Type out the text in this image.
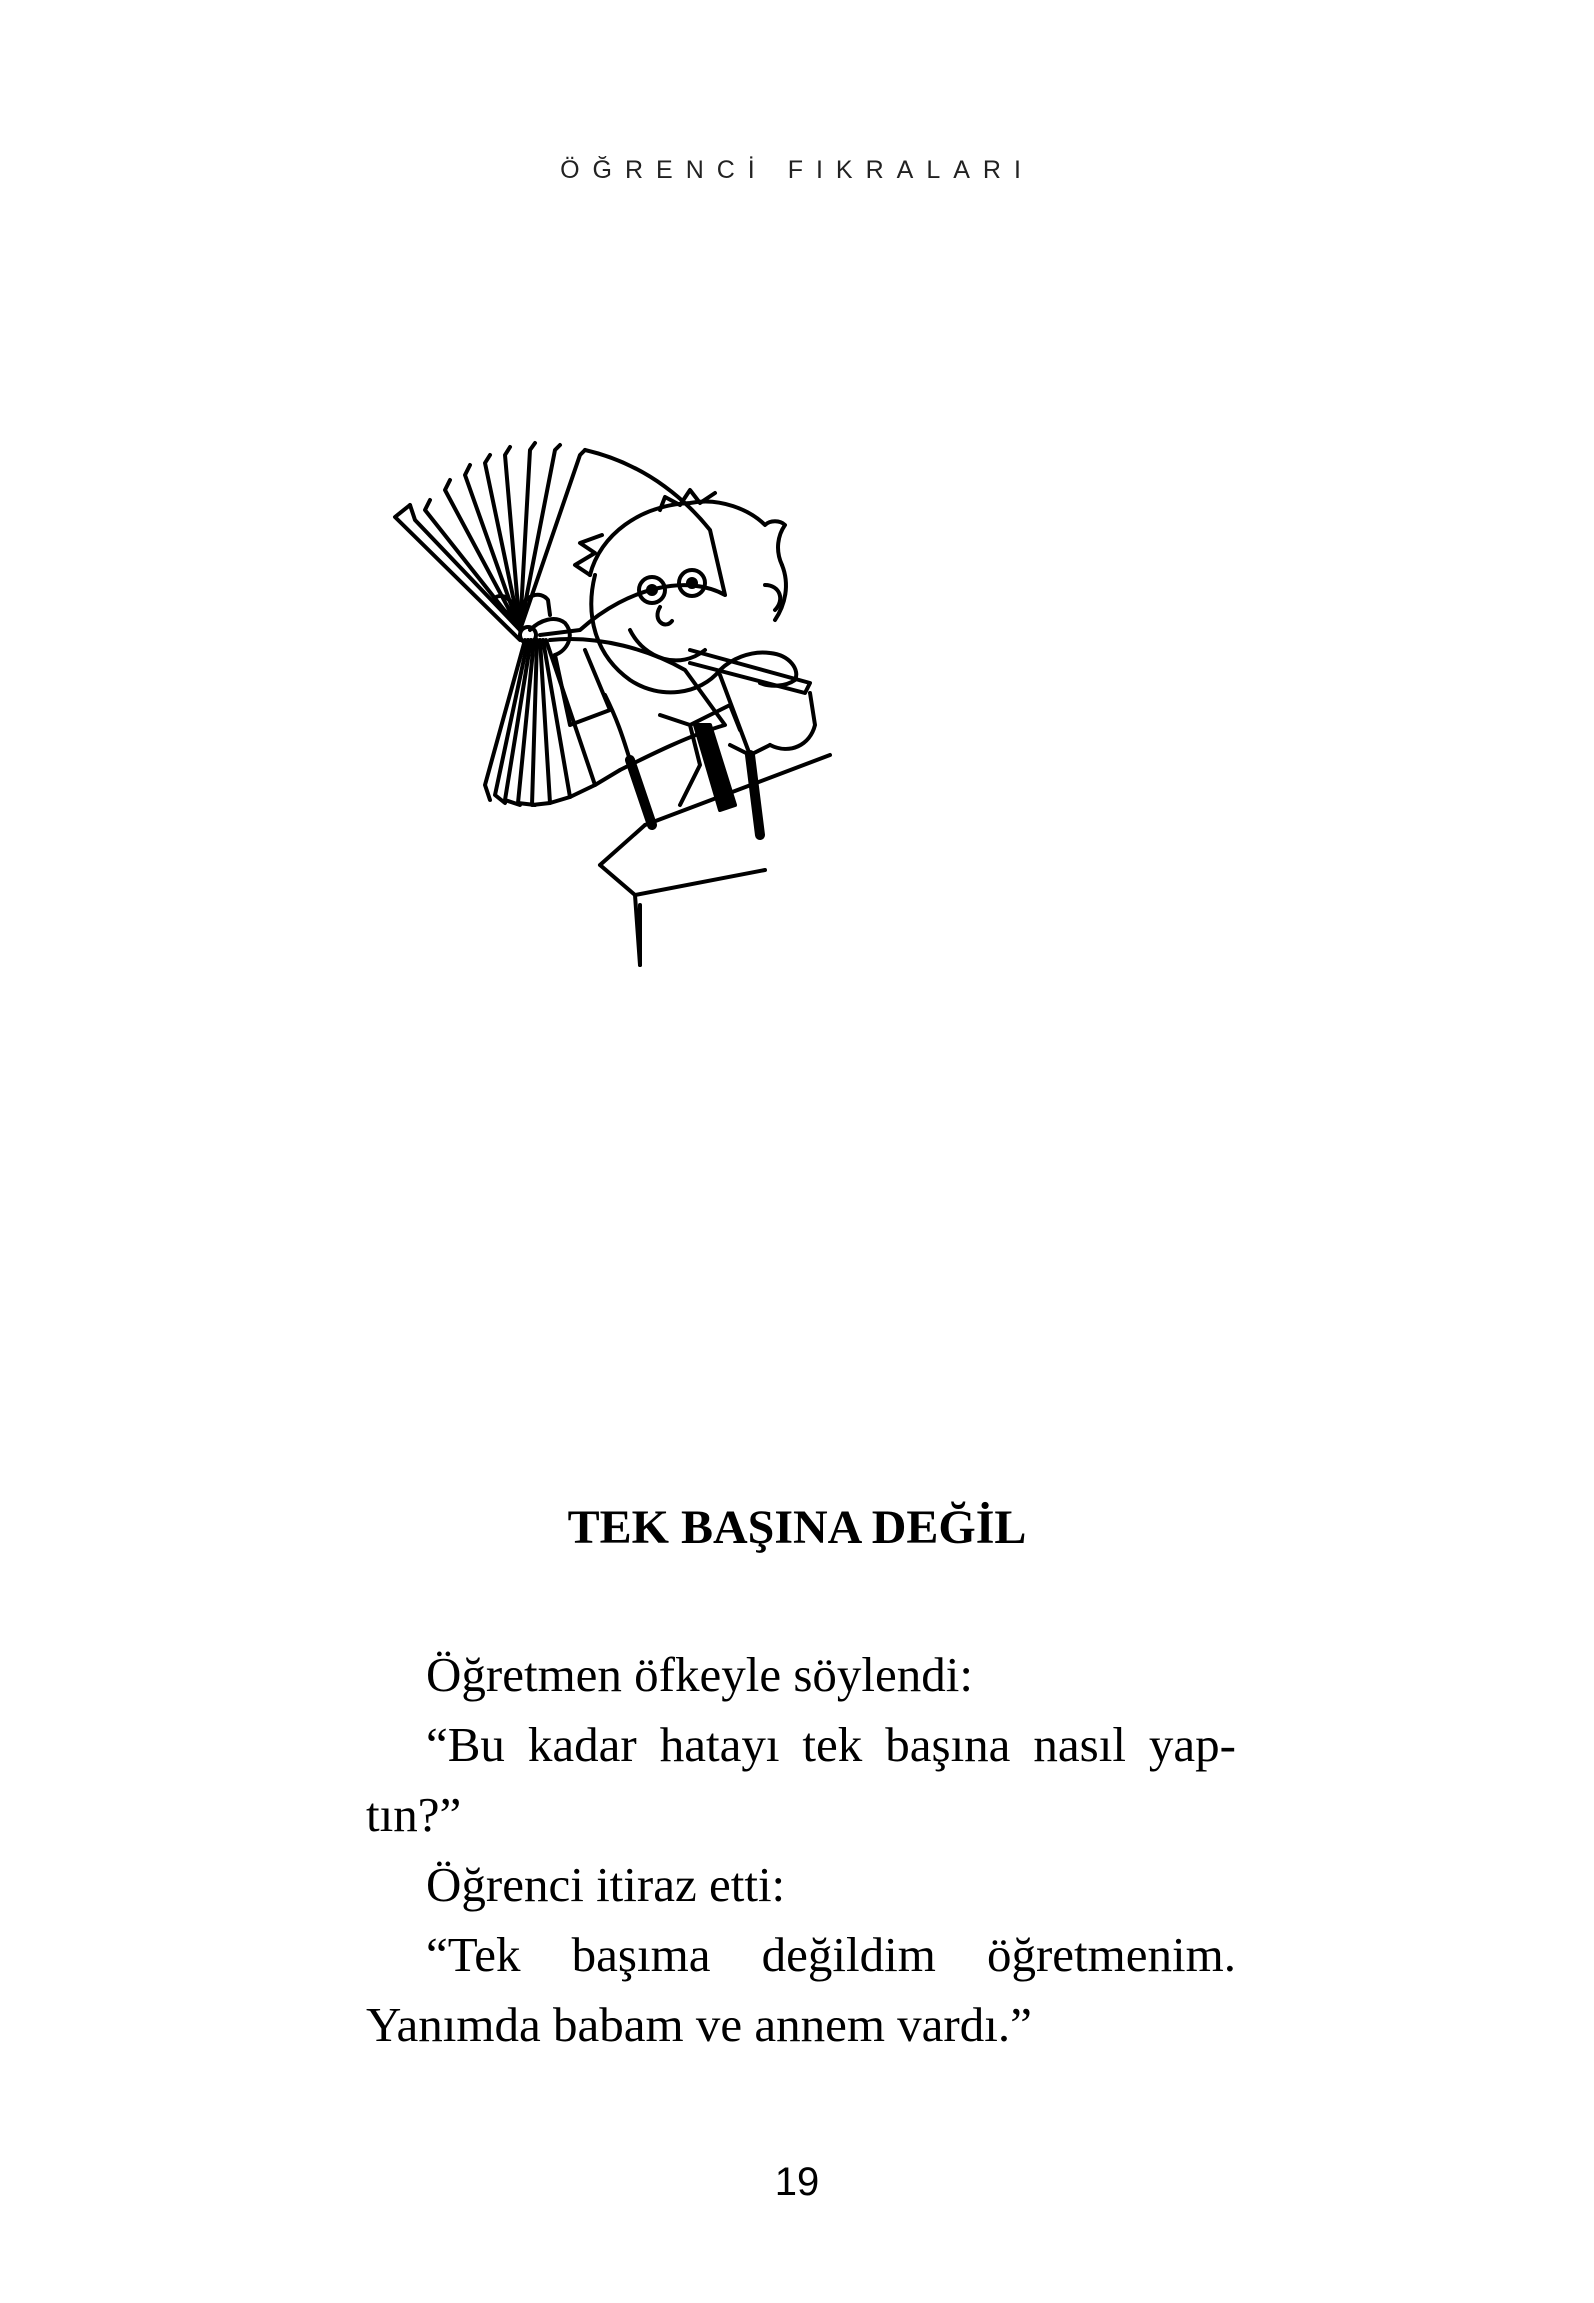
ÖĞRENCİ FIKRALARI
TEK BAŞINA DEĞİL
Öğretmen öfkeyle söylendi:
“Bu kadar hatayı tek başına nasıl yap-
tın?”
Öğrenci itiraz etti:
“Tek başıma değildim öğretmenim.
Yanımda babam ve annem vardı.”
19
